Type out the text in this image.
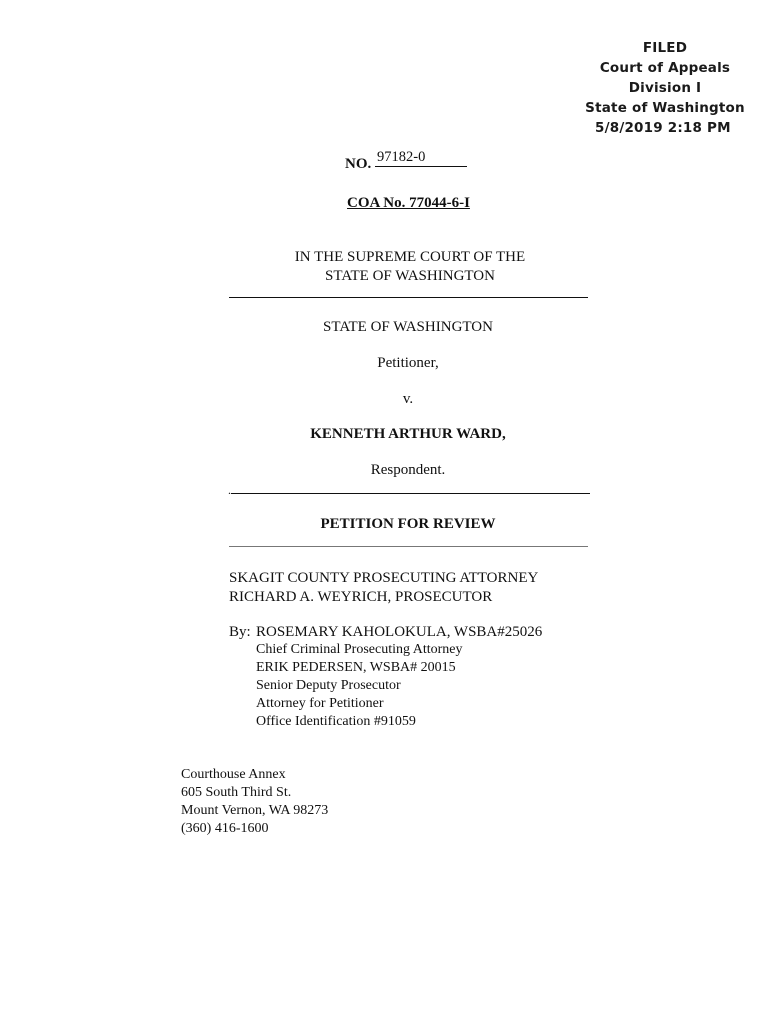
FILED
Court of Appeals
Division I
State of Washington
5/8/2019 2:18 PM
NO. 97182-0
COA No. 77044-6-I
IN THE SUPREME COURT OF THE
STATE OF WASHINGTON
STATE OF WASHINGTON
Petitioner,
v.
KENNETH ARTHUR WARD,
Respondent.
.
PETITION FOR REVIEW
SKAGIT COUNTY PROSECUTING ATTORNEY
RICHARD A. WEYRICH, PROSECUTOR
By: ROSEMARY KAHOLOKULA, WSBA#25026
Chief Criminal Prosecuting Attorney
ERIK PEDERSEN, WSBA# 20015
Senior Deputy Prosecutor
Attorney for Petitioner
Office Identification #91059
Courthouse Annex
605 South Third St.
Mount Vernon, WA 98273
(360) 416-1600
